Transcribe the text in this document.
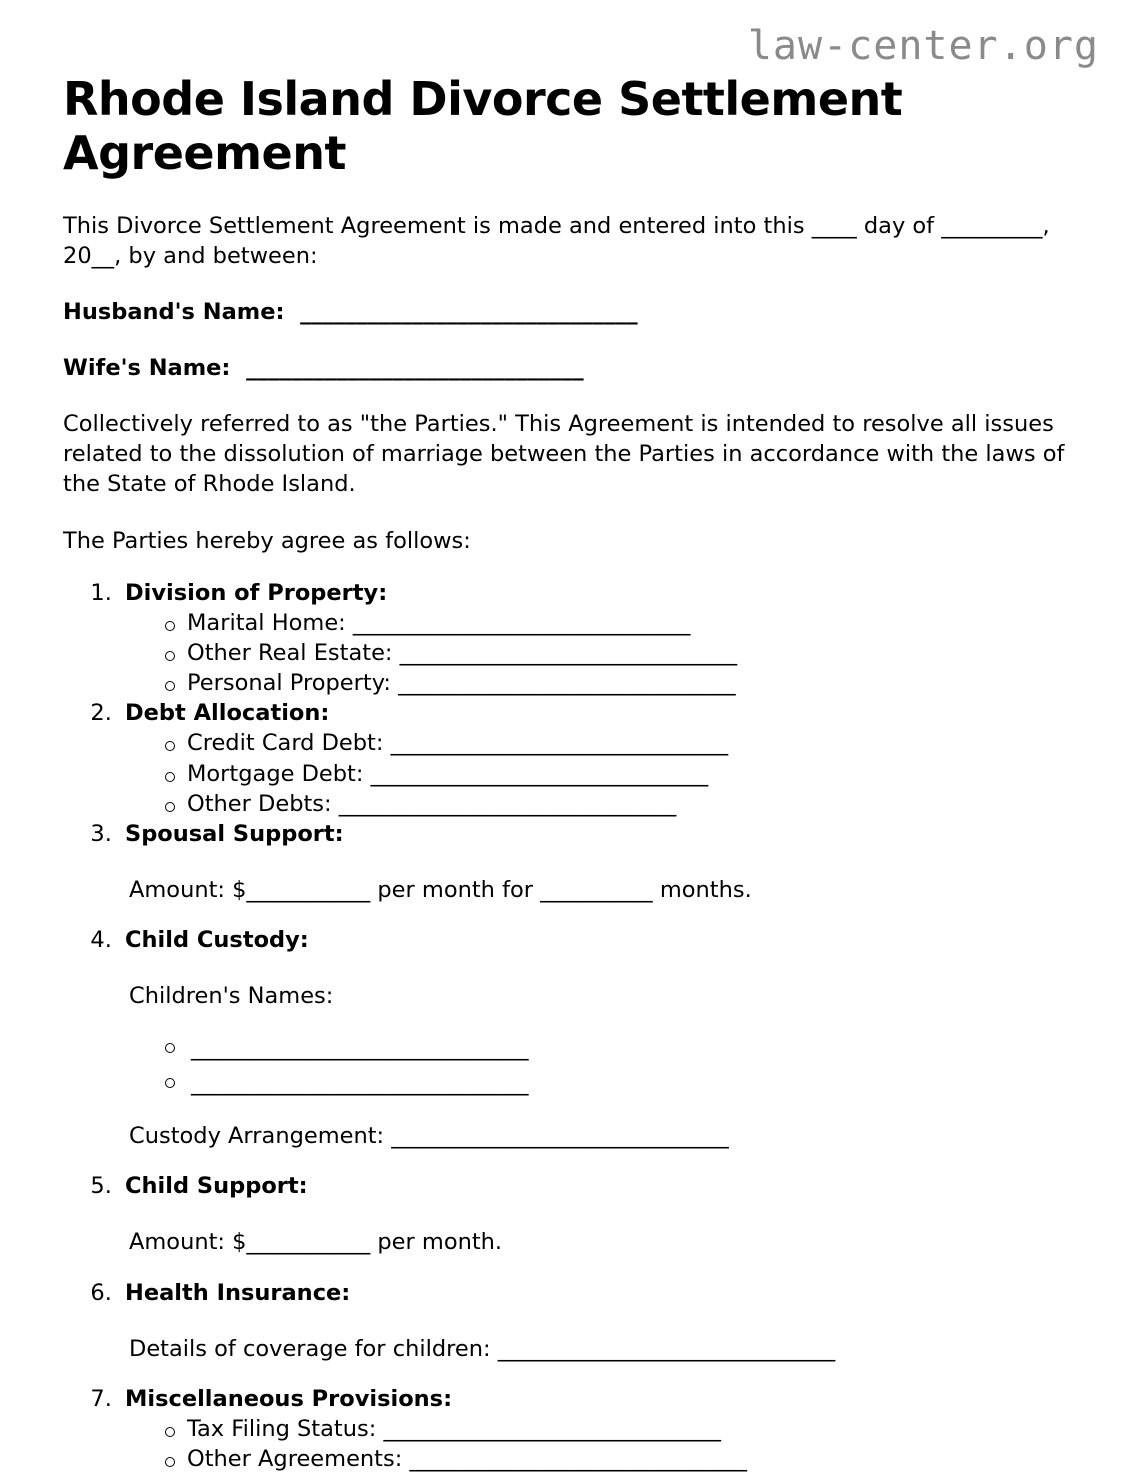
law-center.org
Rhode Island Divorce Settlement Agreement

This Divorce Settlement Agreement is made and entered into this ____ day of _________, 20__, by and between:

Husband's Name:  ______________________________

Wife's Name:  ______________________________

Collectively referred to as "the Parties." This Agreement is intended to resolve all issues related to the dissolution of marriage between the Parties in accordance with the laws of the State of Rhode Island.

The Parties hereby agree as follows:

1. Division of Property:
Marital Home: ______________________________
Other Real Estate: ______________________________
Personal Property: ______________________________
2. Debt Allocation:
Credit Card Debt: ______________________________
Mortgage Debt: ______________________________
Other Debts: ______________________________
3. Spousal Support:

Amount: $___________ per month for __________ months.

4. Child Custody:

Children's Names:

______________________________
______________________________

Custody Arrangement: ______________________________

5. Child Support:

Amount: $___________ per month.

6. Health Insurance:

Details of coverage for children: ______________________________

7. Miscellaneous Provisions:
Tax Filing Status: ______________________________
Other Agreements: ______________________________
